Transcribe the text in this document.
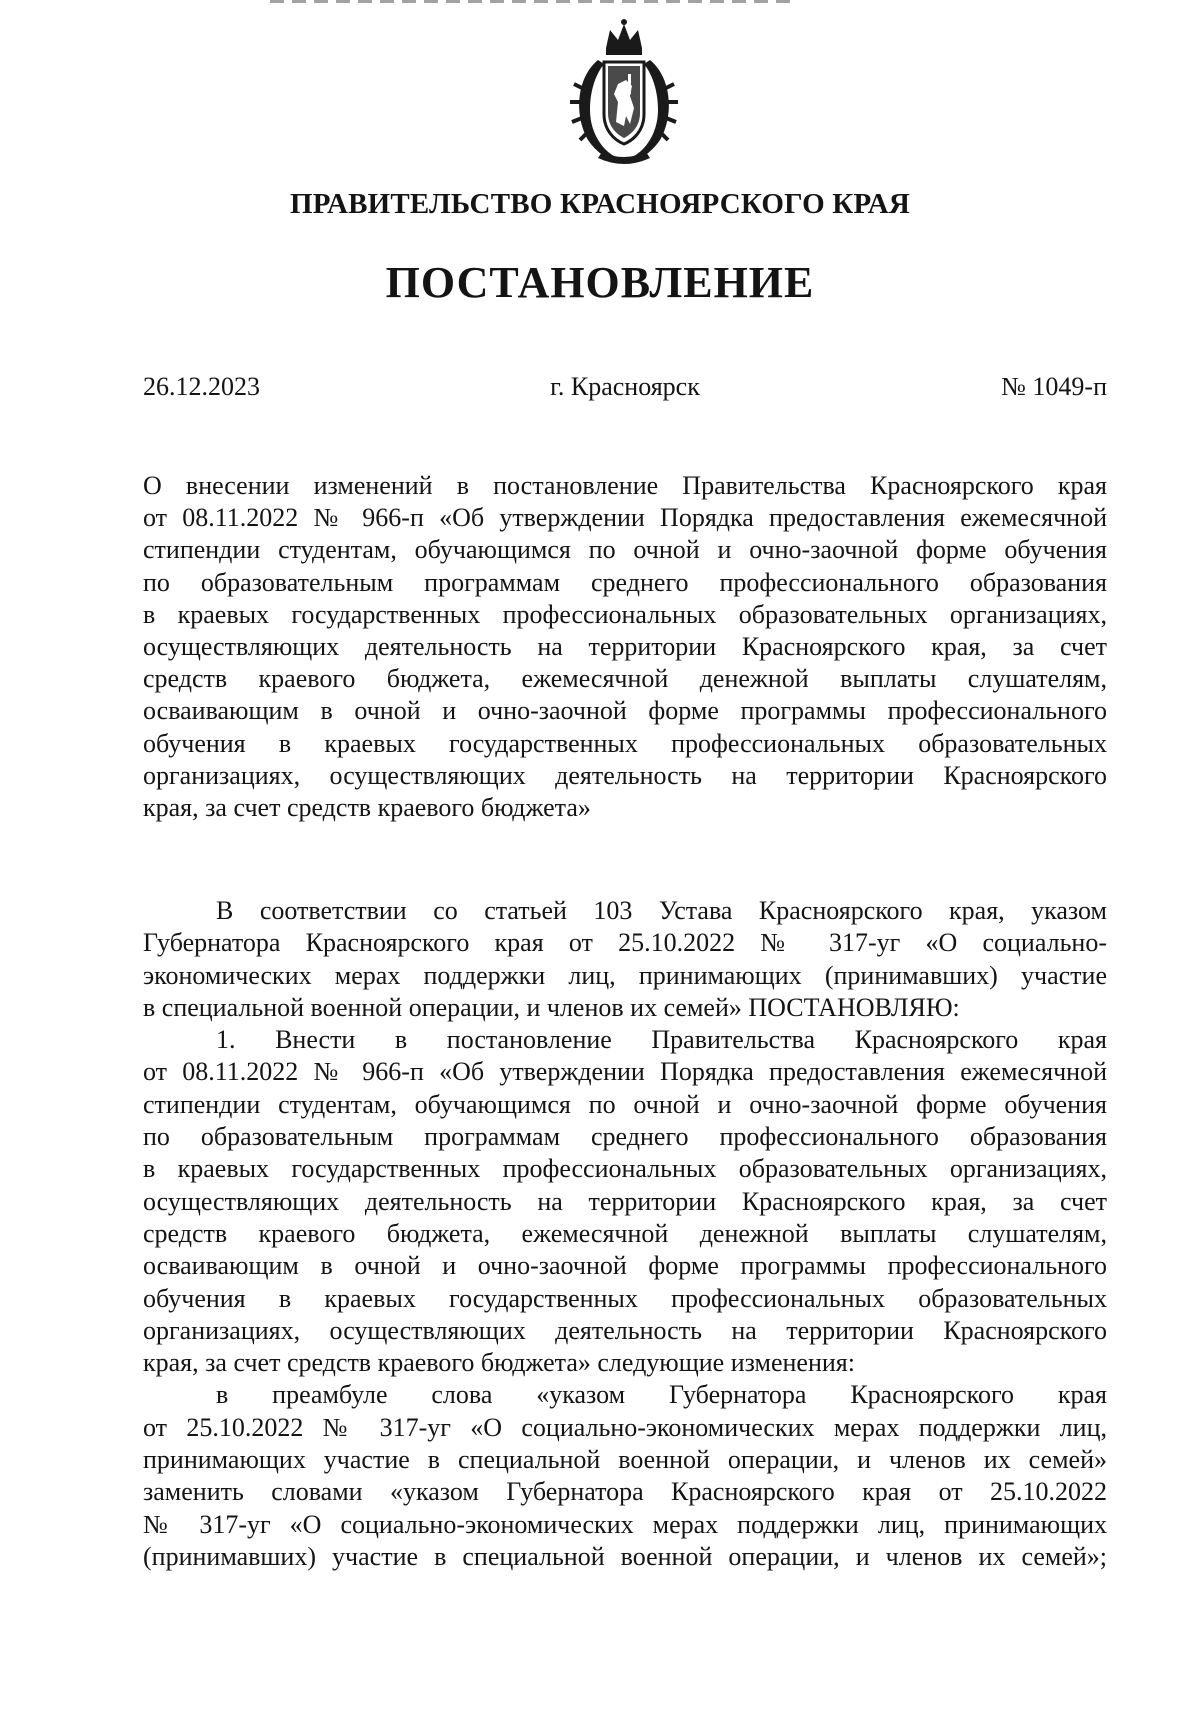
ПРАВИТЕЛЬСТВО КРАСНОЯРСКОГО КРАЯ
ПОСТАНОВЛЕНИЕ
26.12.2023	г. Красноярск	№ 1049-п
О внесении изменений в постановление Правительства Красноярского края
от 08.11.2022 № 966-п «Об утверждении Порядка предоставления ежемесячной
стипендии студентам, обучающимся по очной и очно-заочной форме обучения
по образовательным программам среднего профессионального образования
в краевых государственных профессиональных образовательных организациях,
осуществляющих деятельность на территории Красноярского края, за счет
средств краевого бюджета, ежемесячной денежной выплаты слушателям,
осваивающим в очной и очно-заочной форме программы профессионального
обучения в краевых государственных профессиональных образовательных
организациях, осуществляющих деятельность на территории Красноярского
края, за счет средств краевого бюджета»
В соответствии со статьей 103 Устава Красноярского края, указом
Губернатора Красноярского края от 25.10.2022 № 317-уг «О социально-
экономических мерах поддержки лиц, принимающих (принимавших) участие
в специальной военной операции, и членов их семей» ПОСТАНОВЛЯЮ:
1. Внести в постановление Правительства Красноярского края
от 08.11.2022 № 966-п «Об утверждении Порядка предоставления ежемесячной
стипендии студентам, обучающимся по очной и очно-заочной форме обучения
по образовательным программам среднего профессионального образования
в краевых государственных профессиональных образовательных организациях,
осуществляющих деятельность на территории Красноярского края, за счет
средств краевого бюджета, ежемесячной денежной выплаты слушателям,
осваивающим в очной и очно-заочной форме программы профессионального
обучения в краевых государственных профессиональных образовательных
организациях, осуществляющих деятельность на территории Красноярского
края, за счет средств краевого бюджета» следующие изменения:
в преамбуле слова «указом Губернатора Красноярского края
от 25.10.2022 № 317-уг «О социально-экономических мерах поддержки лиц,
принимающих участие в специальной военной операции, и членов их семей»
заменить словами «указом Губернатора Красноярского края от 25.10.2022
№ 317-уг «О социально-экономических мерах поддержки лиц, принимающих
(принимавших) участие в специальной военной операции, и членов их семей»;
